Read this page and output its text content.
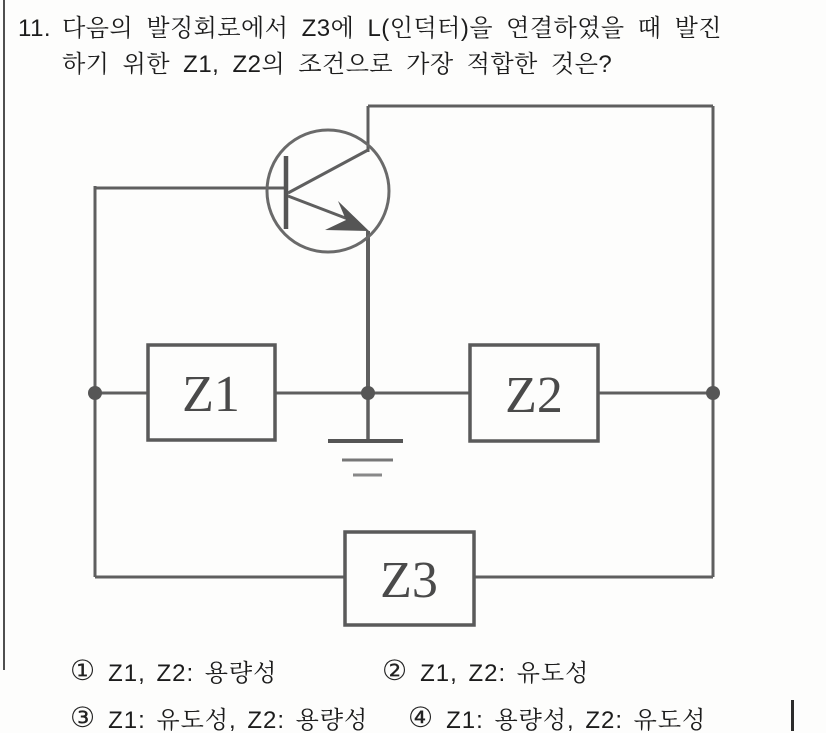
11. 다음의 발징회로에서 Z3에 L(인덕터)을 연결하였을 때 발진
하기 위한 Z1, Z2의 조건으로 가장 적합한 것은?
Z1	Z2
Z3
① Z1, Z2: 용량성	② Z1, Z2: 유도성
③ Z1: 유도성, Z2: 용량성 ④ Z1: 용량성, Z2: 유도성
